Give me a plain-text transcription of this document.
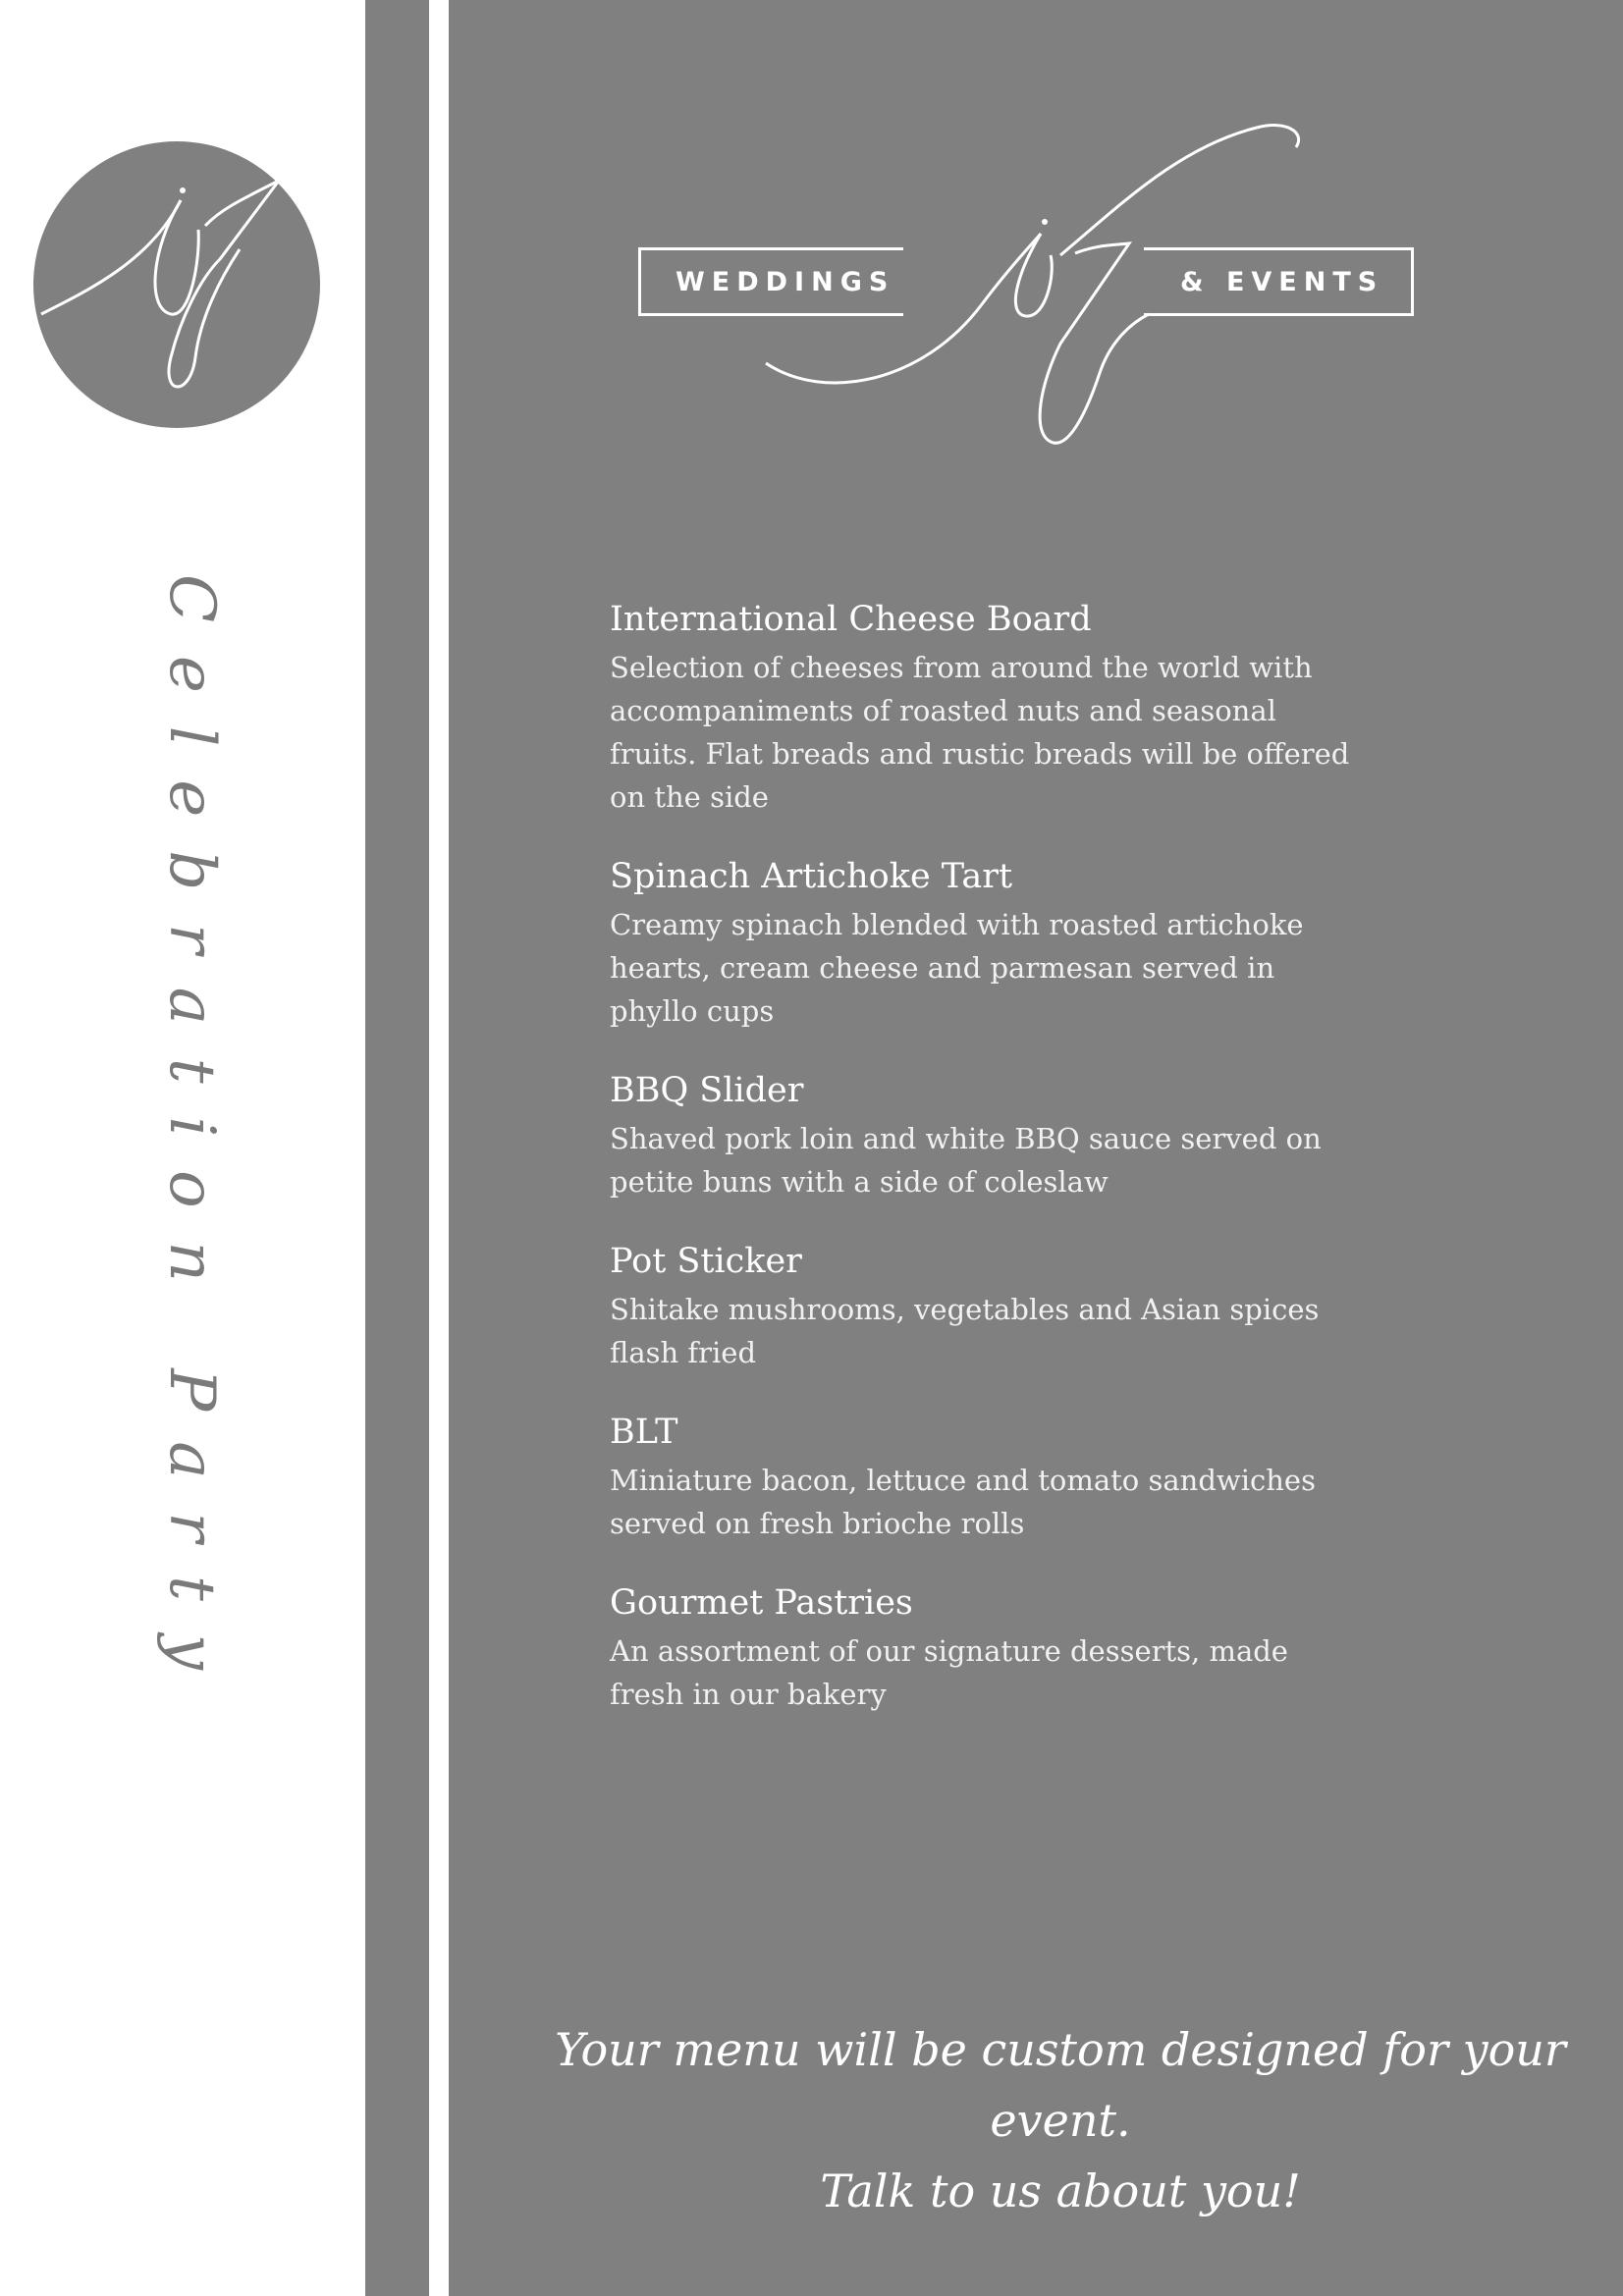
Celebration Party
WEDDINGS	& EVENTS

International Cheese Board

Selection of cheeses from around the world with accompaniments of roasted nuts and seasonal fruits. Flat breads and rustic breads will be offered on the side

Spinach Artichoke Tart

Creamy spinach blended with roasted artichoke hearts, cream cheese and parmesan served in phyllo cups

BBQ Slider

Shaved pork loin and white BBQ sauce served on petite buns with a side of coleslaw

Pot Sticker

Shitake mushrooms, vegetables and Asian spices flash fried

BLT

Miniature bacon, lettuce and tomato sandwiches served on fresh brioche rolls

Gourmet Pastries

An assortment of our signature desserts, made fresh in our bakery

Your menu will be custom designed for your event.
Talk to us about you!
